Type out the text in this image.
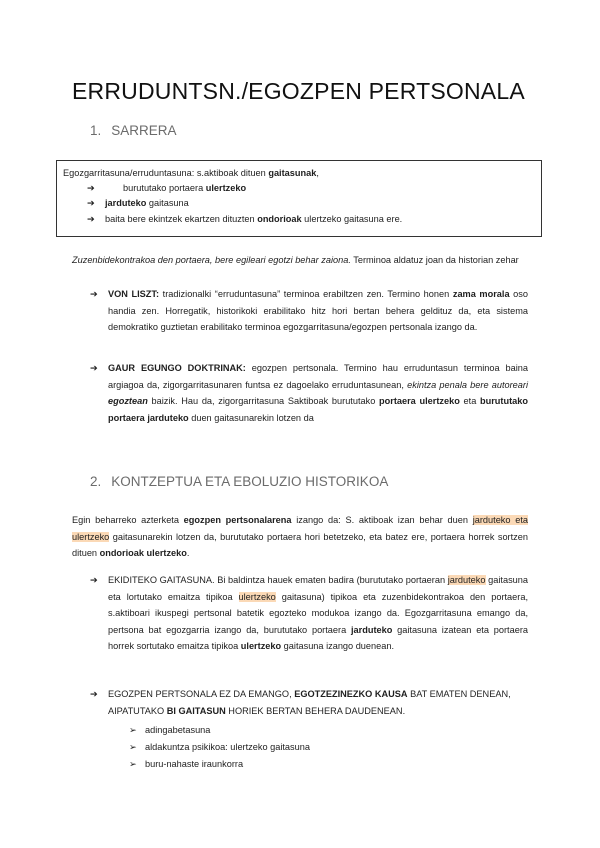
ERRUDUNTSN./EGOZPEN PERTSONALA
1. SARRERA
Egozgarritasuna/erruduntasuna: s.aktiboak dituen gaitasunak,
➔	burututako portaera ulertzeko
➔ jarduteko gaitasuna
➔ baita bere ekintzek ekartzen dituzten ondorioak ulertzeko gaitasuna ere.
Zuzenbidekontrakoa den portaera, bere egileari egotzi behar zaiona. Terminoa aldatuz joan da historian zehar
➔ VON LISZT: tradizionalki “erruduntasuna” terminoa erabiltzen zen. Termino honen zama morala oso handia zen. Horregatik, historikoki erabilitako hitz hori bertan behera geldituz da, eta sistema demokratiko guztietan erabilitako terminoa egozgarritasuna/egozpen pertsonala izango da.
➔ GAUR EGUNGO DOKTRINAK: egozpen pertsonala. Termino hau erruduntasun terminoa baina argiagoa da, zigorgarritasunaren funtsa ez dagoelako erruduntasunean, ekintza penala bere autoreari egoztean baizik. Hau da, zigorgarritasuna Saktiboak burututako portaera ulertzeko eta burututako portaera jarduteko duen gaitasunarekin lotzen da
2. KONTZEPTUA ETA EBOLUZIO HISTORIKOA
Egin beharreko azterketa egozpen pertsonalarena izango da: S. aktiboak izan behar duen jarduteko eta ulertzeko gaitasunarekin lotzen da, burututako portaera hori betetzeko, eta batez ere, portaera horrek sortzen dituen ondorioak ulertzeko.
➔ EKIDITEKO GAITASUNA. Bi baldintza hauek ematen badira (burututako portaeran jarduteko gaitasuna eta lortutako emaitza tipikoa ulertzeko gaitasuna) tipikoa eta zuzenbidekontrakoa den portaera, s.aktiboari ikuspegi pertsonal batetik egozteko modukoa izango da. Egozgarritasuna emango da, pertsona bat egozgarria izango da, burututako portaera jarduteko gaitasuna izatean eta portaera horrek sortutako emaitza tipikoa ulertzeko gaitasuna izango duenean.
➔ EGOZPEN PERTSONALA EZ DA EMANGO, EGOTZEZINEZKO KAUSA BAT EMATEN DENEAN, AIPATUTAKO BI GAITASUN HORIEK BERTAN BEHERA DAUDENEAN.
➢ adingabetasuna
➢ aldakuntza psikikoa: ulertzeko gaitasuna
➢ buru-nahaste iraunkorra
